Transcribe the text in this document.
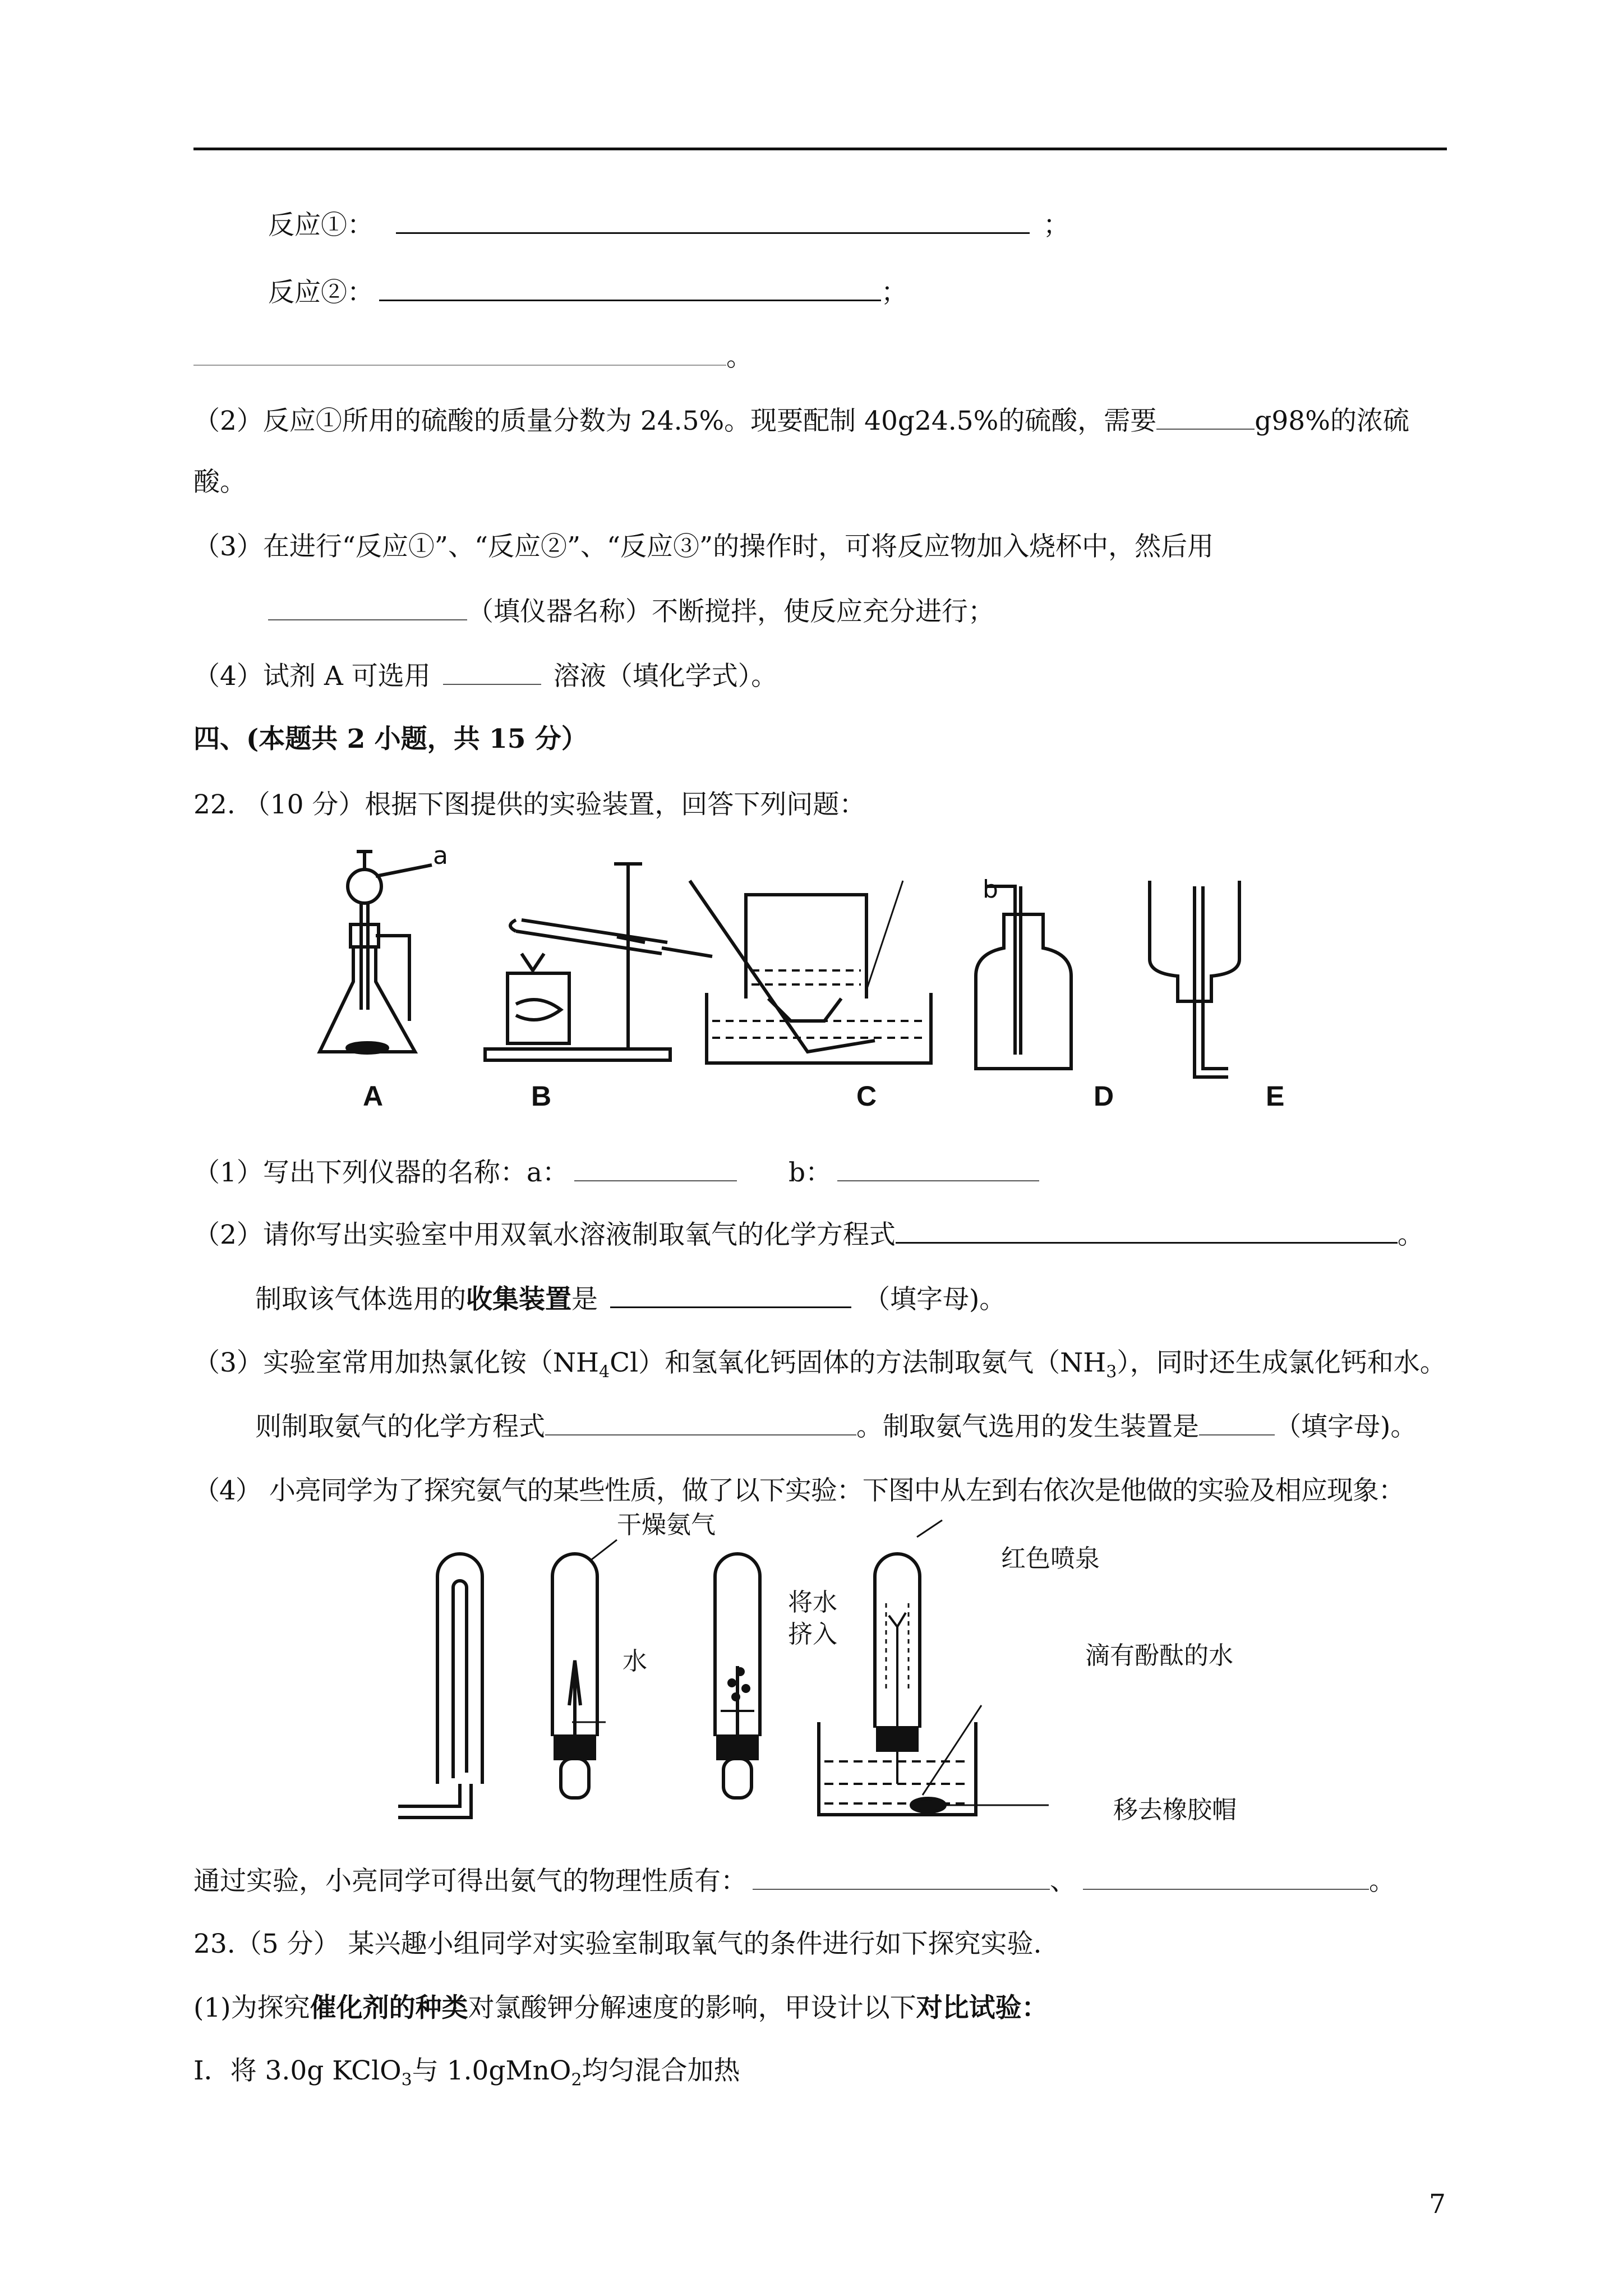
反应①：	；
反应②：	；
。
（2）反应①所用的硫酸的质量分数为 24.5%。现要配制 40g24.5%的硫酸，需要	g98%的浓硫
酸。
（3）在进行“反应①”、“反应②”、“反应③”的操作时，可将反应物加入烧杯中，然后用
（填仪器名称）不断搅拌，使反应充分进行；
（4）试剂 A 可选用	溶液（填化学式）。
四、(本题共 2 小题，共 15 分）
22. （10 分）根据下图提供的实验装置，回答下列问题：
a
b
A	B	C	D	E
（1）写出下列仪器的名称：a：	b：
（2）请你写出实验室中用双氧水溶液制取氧气的化学方程式	。
制取该气体选用的收集装置是	（填字母)。
（3）实验室常用加热氯化铵$(NH_4Cl)$和氢氧化钙固体的方法制取氨气$(NH_3)$，同时还生成氯化钙和水。
则制取氨气的化学方程式	。制取氨气选用的发生装置是	（填字母)。
（4） 小亮同学为了探究氨气的某些性质，做了以下实验：下图中从左到右依次是他做的实验及相应现象：
干燥氨气
水
将水
挤入
红色喷泉
滴有酚酞的水
移去橡胶帽
通过实验，小亮同学可得出氨气的物理性质有：	、	。
23.（5 分） 某兴趣小组同学对实验室制取氧气的条件进行如下探究实验.
(1)为探究催化剂的种类对氯酸钾分解速度的影响，甲设计以下对比试验：
Ⅰ．将 3.0g KClO$_3$与 1.0gMnO$_2$均匀混合加热
7
